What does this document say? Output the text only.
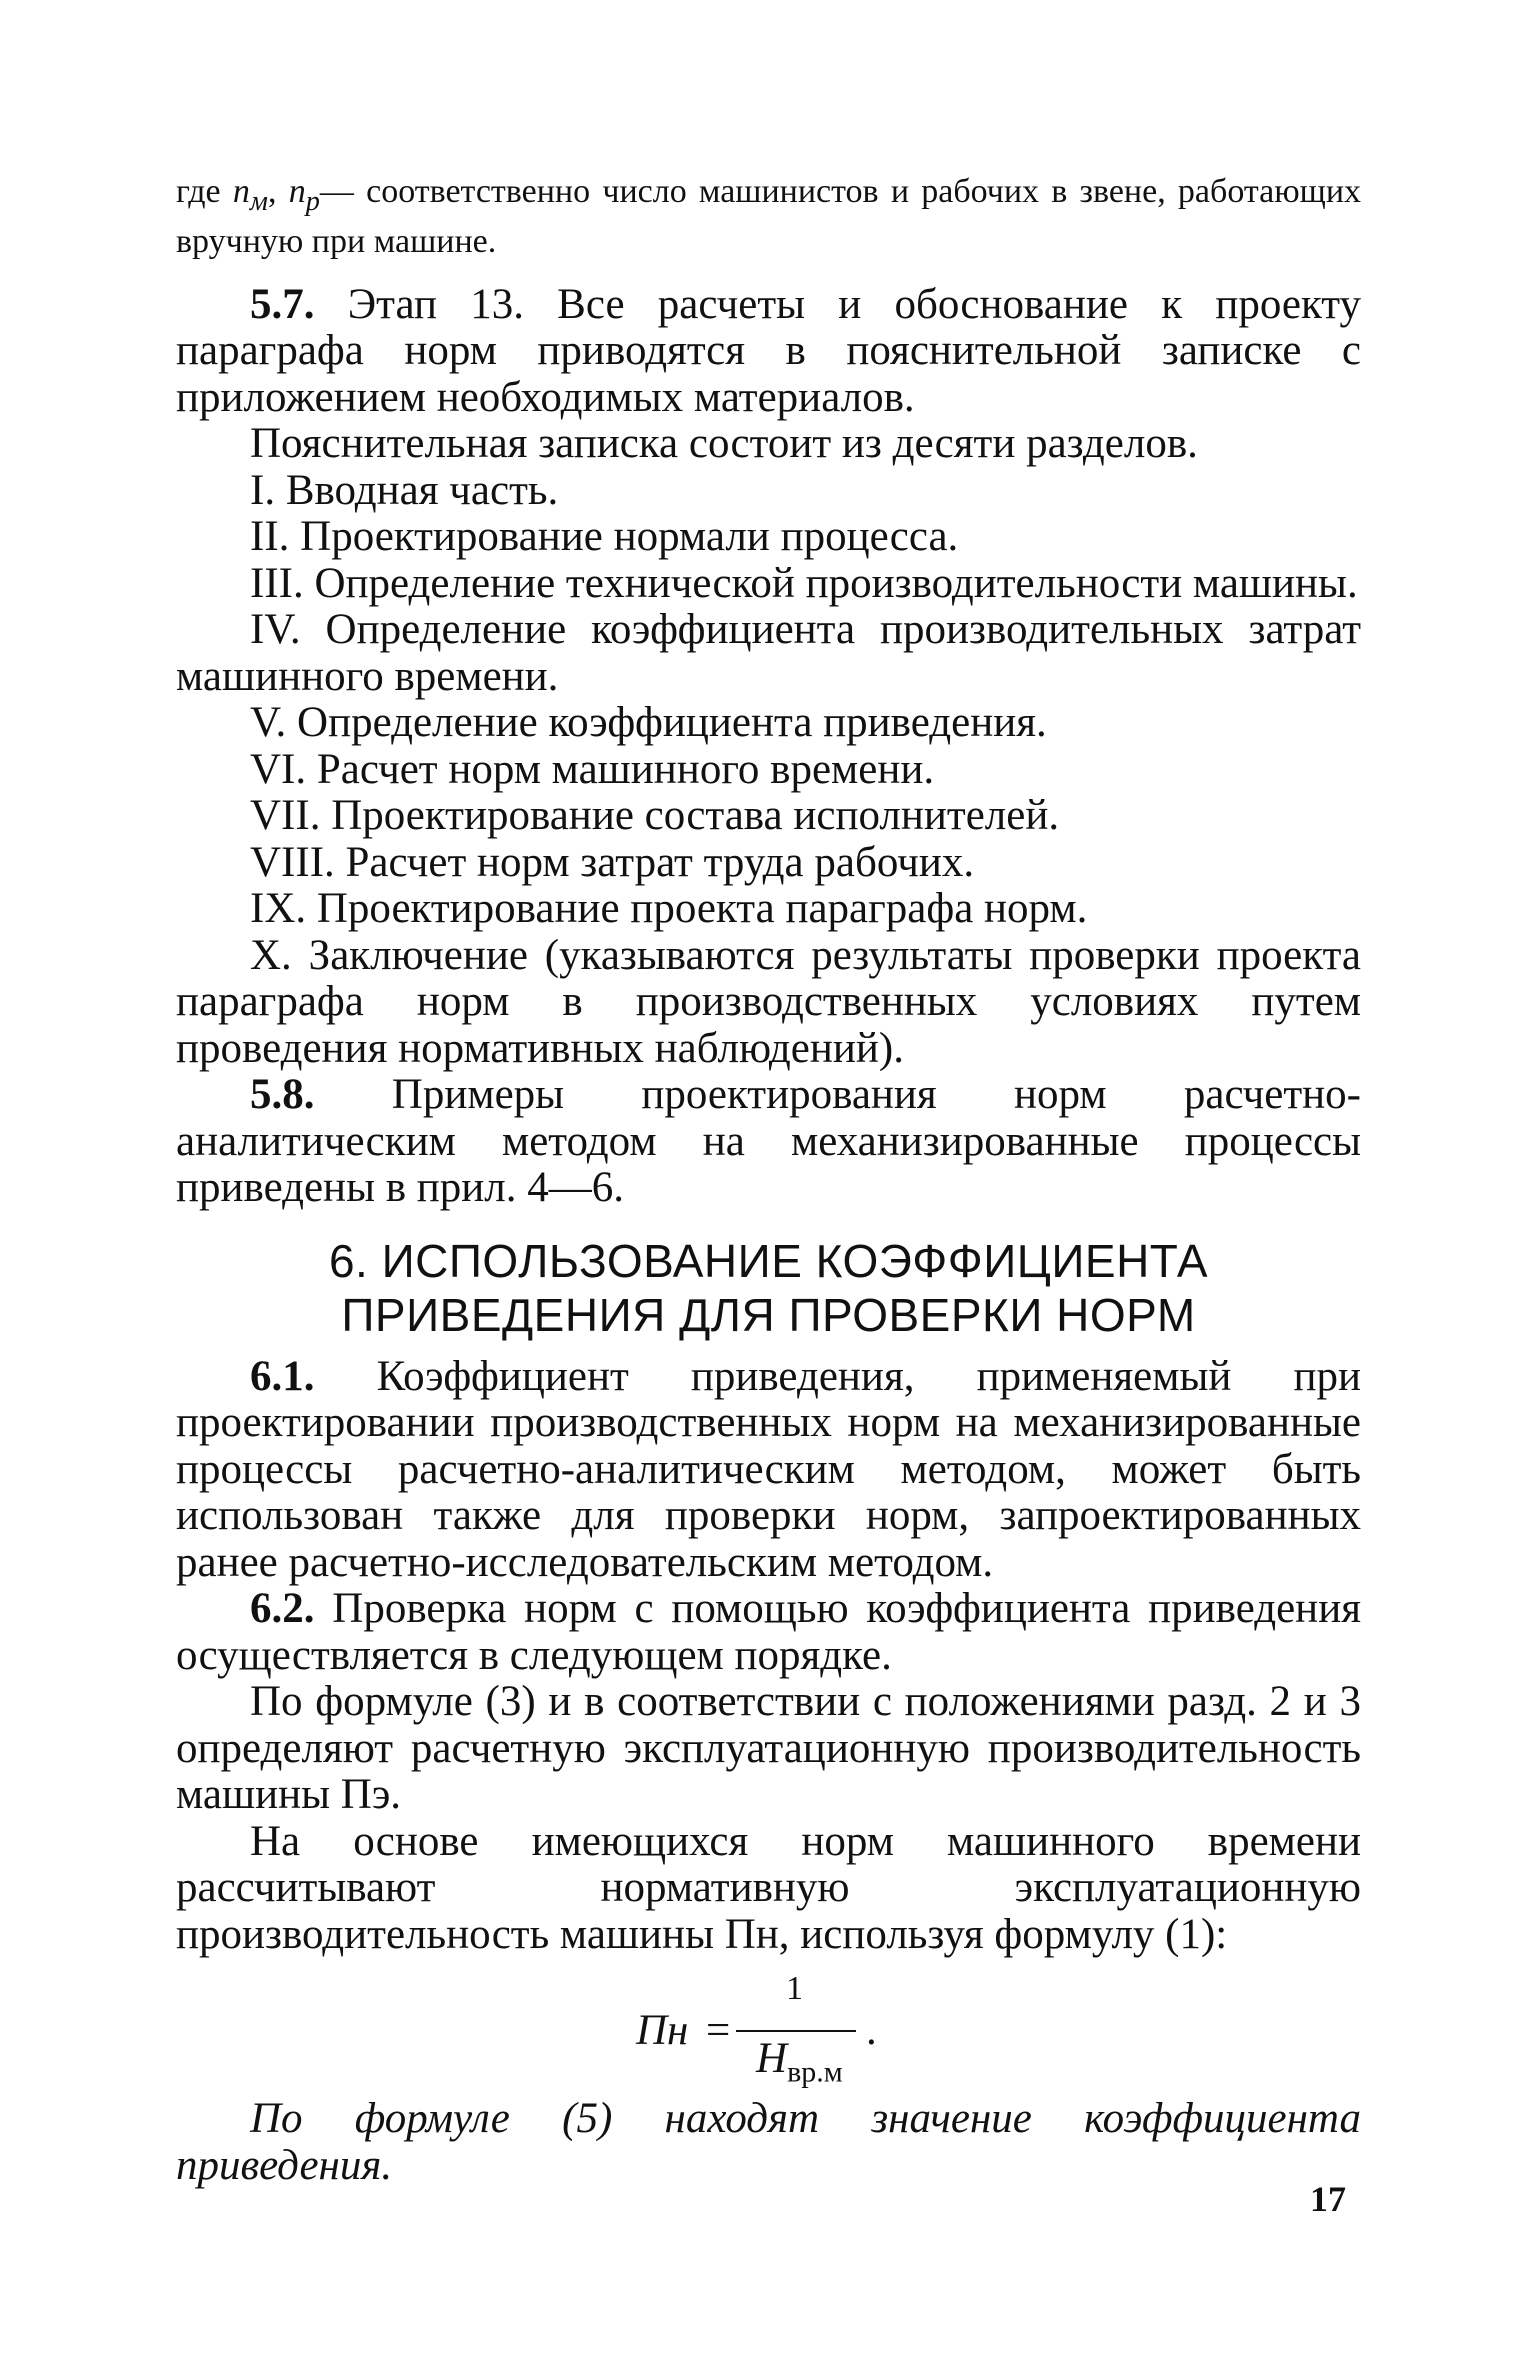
где $n_м$, $n_р—$ соответственно число машинистов и рабочих в звене, работающих вручную при машине.

5.7. Этап 13. Все расчеты и обоснование к проекту параграфа норм приводятся в пояснительной записке с приложением необходимых материалов.

Пояснительная записка состоит из десяти разделов.

I. Вводная часть.

II. Проектирование нормали процесса.

III. Определение технической производительности машины.

IV. Определение коэффициента производительных затрат машинного времени.

V. Определение коэффициента приведения.

VI. Расчет норм машинного времени.

VII. Проектирование состава исполнителей.

VIII. Расчет норм затрат труда рабочих.

IX. Проектирование проекта параграфа норм.

X. Заключение (указываются результаты проверки проекта параграфа норм в производственных условиях путем проведения нормативных наблюдений).

5.8. Примеры проектирования норм расчетно-аналитическим методом на механизированные процессы приведены в прил. 4—6.

6. ИСПОЛЬЗОВАНИЕ КОЭФФИЦИЕНТА
ПРИВЕДЕНИЯ ДЛЯ ПРОВЕРКИ НОРМ

6.1. Коэффициент приведения, применяемый при проектировании производственных норм на механизированные процессы расчетно-аналитическим методом, может быть использован также для проверки норм, запроектированных ранее расчетно-исследовательским методом.

6.2. Проверка норм с помощью коэффициента приведения осуществляется в следующем порядке.

По формуле (3) и в соответствии с положениями разд. 2 и 3 определяют расчетную эксплуатационную производительность машины Пэ.

На основе имеющихся норм машинного времени рассчитывают нормативную эксплуатационную производительность машины Пн, используя формулу (1):

Пн =
1
$Н_{вр.м}$
.

По формуле (5) находят значение коэффициента приведения.

17
